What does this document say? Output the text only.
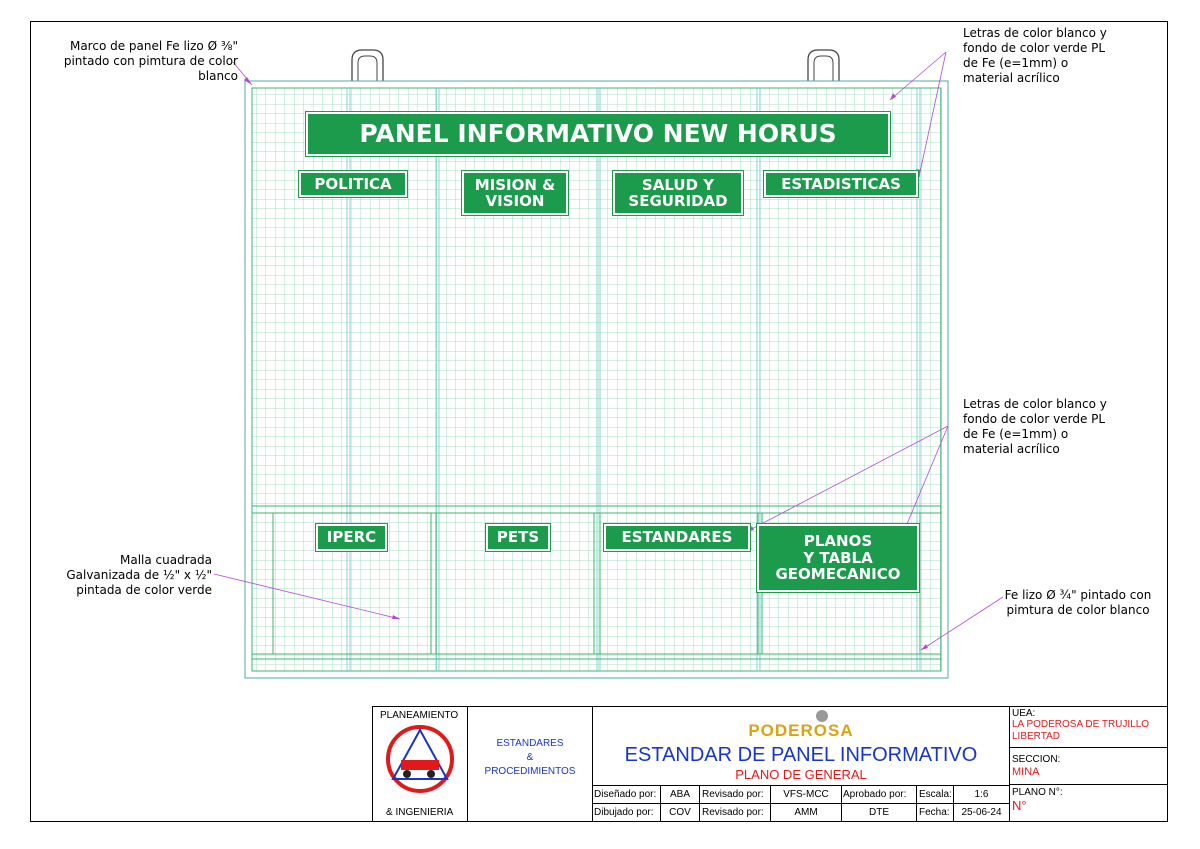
PANEL INFORMATIVO NEW HORUS
POLITICA	MISION &
VISION
SALUD Y
SEGURIDAD
ESTADISTICAS
IPERC	PETS	ESTANDARES	PLANOS
Y TABLA
GEOMECANICO
Marco de panel Fe lizo Ø ⅜" pintado con pimtura de color blanco
Letras de color blanco y fondo de color verde PL de Fe (e=1mm) o material acrílico
Letras de color blanco y fondo de color verde PL de Fe (e=1mm) o material acrílico
Malla cuadrada Galvanizada de ½" x ½" pintada de color verde	Fe lizo Ø ¾" pintado con pimtura de color blanco
PLANEAMIENTO
& INGENIERIA
ESTANDARES
&
PROCEDIMIENTOS
PODEROSA
ESTANDAR DE PANEL INFORMATIVO
PLANO DE GENERAL
Diseñado por:	ABA	Revisado por:	VFS-MCC	Aprobado por: Escala:	1:6
Dibujado por:	COV	Revisado por:	AMM	DTE	Fecha:	25-06-24
UEA:
LA PODEROSA DE TRUJILLO LIBERTAD
SECCION:
MINA
PLANO N°:
N°
